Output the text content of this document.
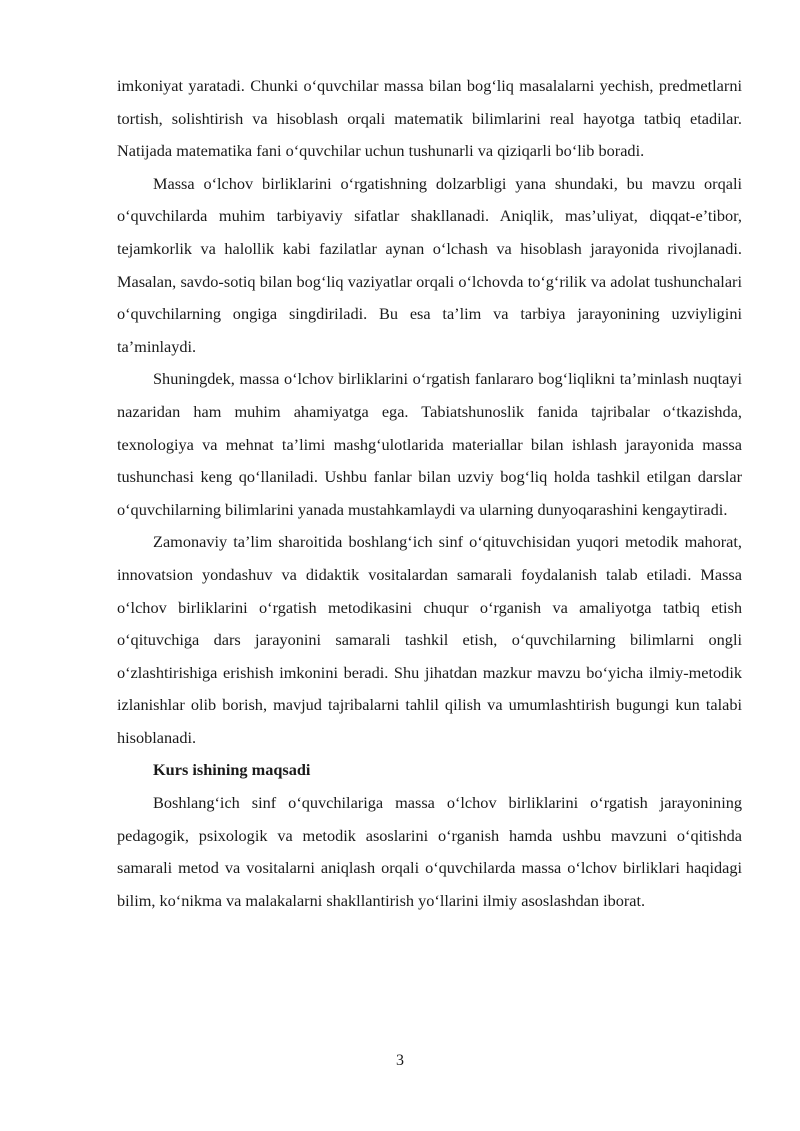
imkoniyat yaratadi. Chunki o‘quvchilar massa bilan bog‘liq masalalarni yechish, predmetlarni tortish, solishtirish va hisoblash orqali matematik bilimlarini real hayotga tatbiq etadilar. Natijada matematika fani o‘quvchilar uchun tushunarli va qiziqarli bo‘lib boradi.

Massa o‘lchov birliklarini o‘rgatishning dolzarbligi yana shundaki, bu mavzu orqali o‘quvchilarda muhim tarbiyaviy sifatlar shakllanadi. Aniqlik, mas’uliyat, diqqat-e’tibor, tejamkorlik va halollik kabi fazilatlar aynan o‘lchash va hisoblash jarayonida rivojlanadi. Masalan, savdo-sotiq bilan bog‘liq vaziyatlar orqali o‘lchovda to‘g‘rilik va adolat tushunchalari o‘quvchilarning ongiga singdiriladi. Bu esa ta’lim va tarbiya jarayonining uzviyligini ta’minlaydi.

Shuningdek, massa o‘lchov birliklarini o‘rgatish fanlararo bog‘liqlikni ta’minlash nuqtayi nazaridan ham muhim ahamiyatga ega. Tabiatshunoslik fanida tajribalar o‘tkazishda, texnologiya va mehnat ta’limi mashg‘ulotlarida materiallar bilan ishlash jarayonida massa tushunchasi keng qo‘llaniladi. Ushbu fanlar bilan uzviy bog‘liq holda tashkil etilgan darslar o‘quvchilarning bilimlarini yanada mustahkamlaydi va ularning dunyoqarashini kengaytiradi.

Zamonaviy ta’lim sharoitida boshlang‘ich sinf o‘qituvchisidan yuqori metodik mahorat, innovatsion yondashuv va didaktik vositalardan samarali foydalanish talab etiladi. Massa o‘lchov birliklarini o‘rgatish metodikasini chuqur o‘rganish va amaliyotga tatbiq etish o‘qituvchiga dars jarayonini samarali tashkil etish, o‘quvchilarning bilimlarni ongli o‘zlashtirishiga erishish imkonini beradi. Shu jihatdan mazkur mavzu bo‘yicha ilmiy-metodik izlanishlar olib borish, mavjud tajribalarni tahlil qilish va umumlashtirish bugungi kun talabi hisoblanadi.

Kurs ishining maqsadi

Boshlang‘ich sinf o‘quvchilariga massa o‘lchov birliklarini o‘rgatish jarayonining pedagogik, psixologik va metodik asoslarini o‘rganish hamda ushbu mavzuni o‘qitishda samarali metod va vositalarni aniqlash orqali o‘quvchilarda massa o‘lchov birliklari haqidagi bilim, ko‘nikma va malakalarni shakllantirish yo‘llarini ilmiy asoslashdan iborat.

3
